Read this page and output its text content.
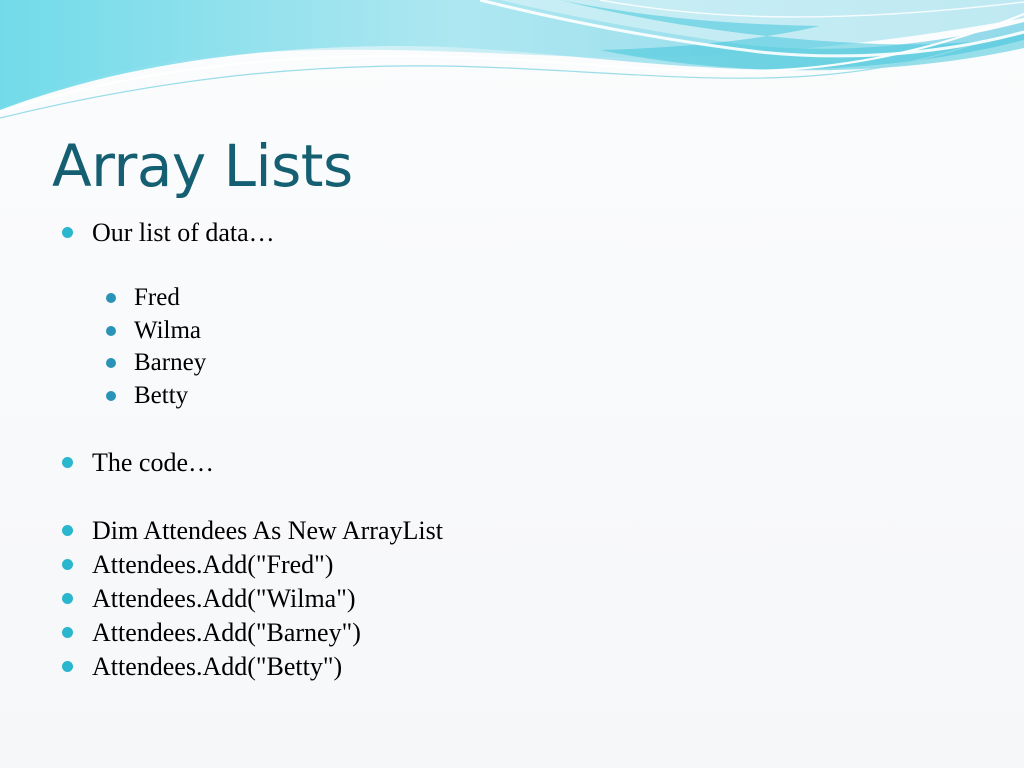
Array Lists
Our list of data…
Fred
Wilma
Barney
Betty
The code…
Dim Attendees As New ArrayList
Attendees.Add("Fred")
Attendees.Add("Wilma")
Attendees.Add("Barney")
Attendees.Add("Betty")
